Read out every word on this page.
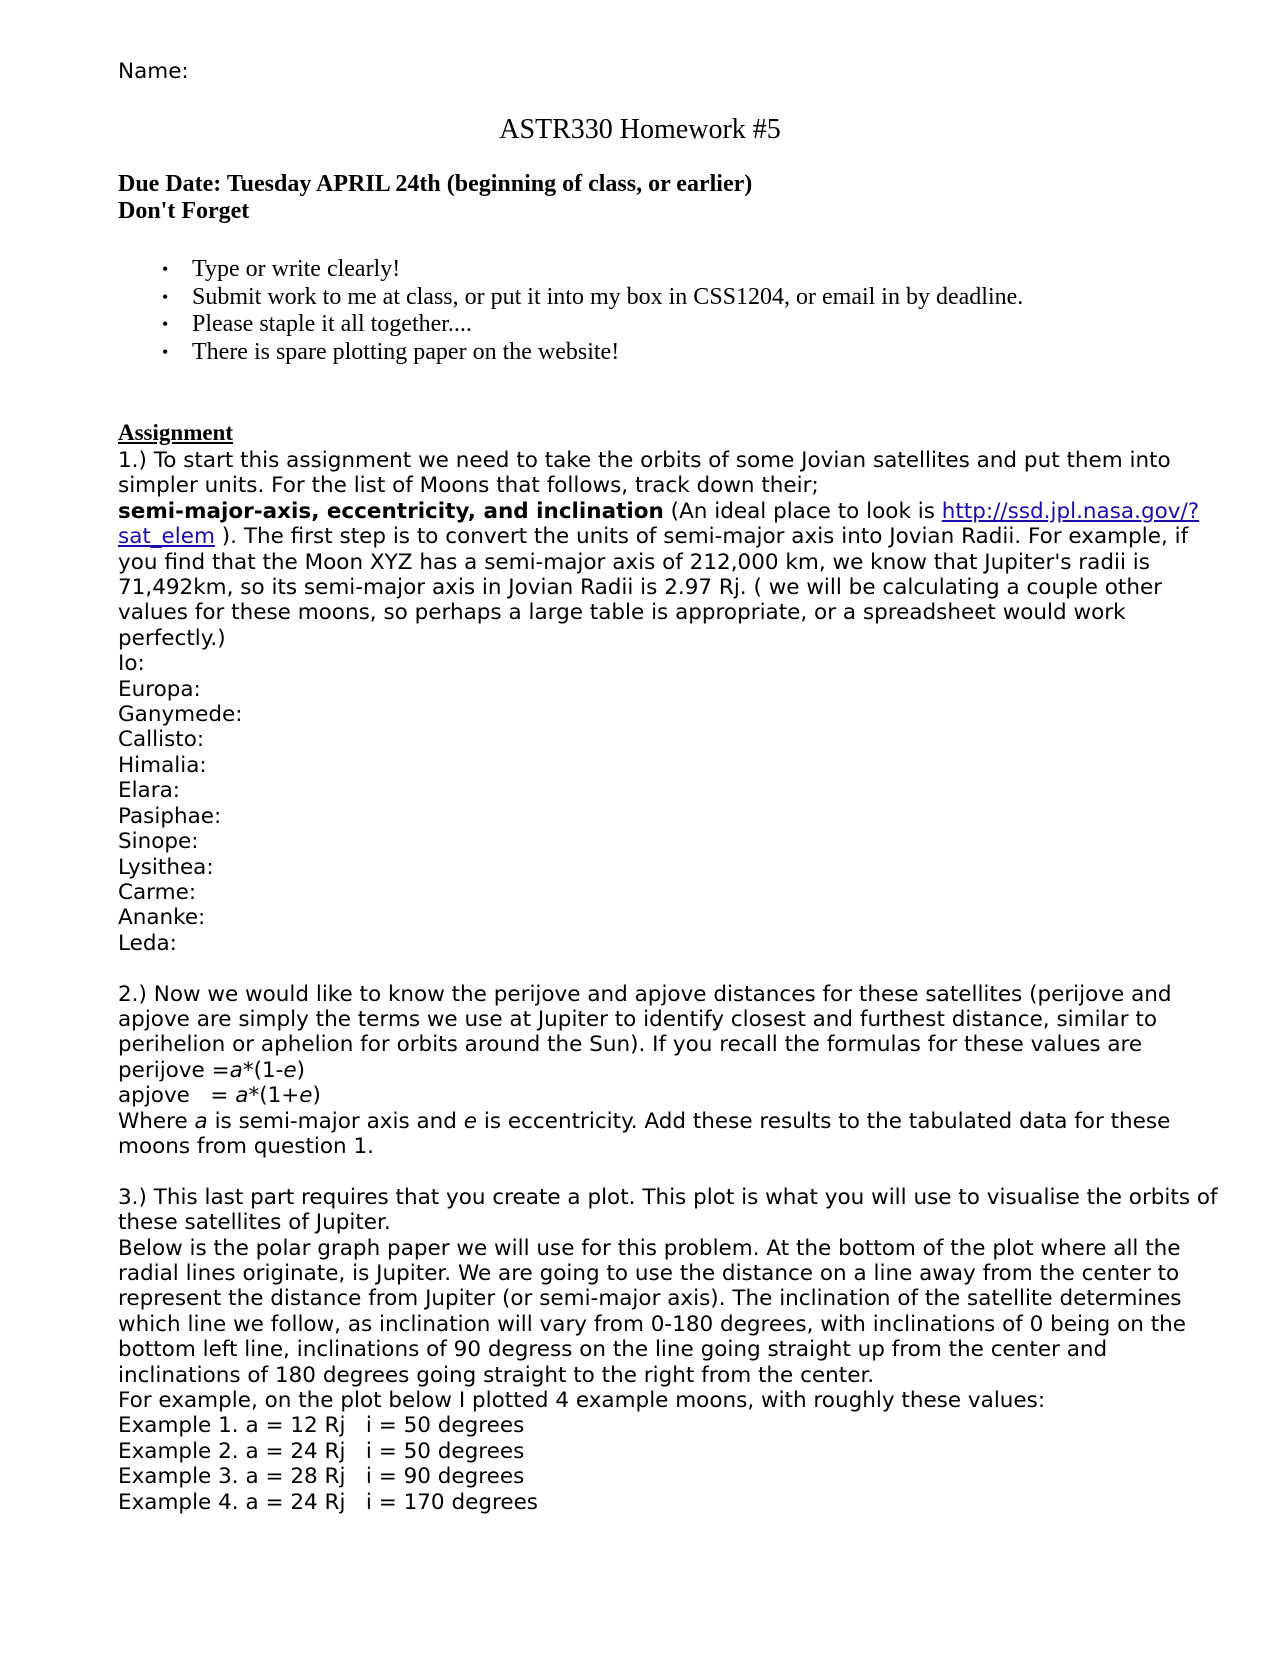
Name:
ASTR330 Homework #5
Due Date: Tuesday APRIL 24th (beginning of class, or earlier)
Don't Forget
• Type or write clearly!
• Submit work to me at class, or put it into my box in CSS1204, or email in by deadline.
• Please staple it all together....
• There is spare plotting paper on the website!
Assignment
1.) To start this assignment we need to take the orbits of some Jovian satellites and put them into simpler units. For the list of Moons that follows, track down their;
semi-major-axis, eccentricity, and inclination (An ideal place to look is http://ssd.jpl.nasa.gov/?sat_elem ). The first step is to convert the units of semi-major axis into Jovian Radii. For example, if you find that the Moon XYZ has a semi-major axis of 212,000 km, we know that Jupiter's radii is 71,492km, so its semi-major axis in Jovian Radii is 2.97 Rj. ( we will be calculating a couple other values for these moons, so perhaps a large table is appropriate, or a spreadsheet would work perfectly.)
Io:
Europa:
Ganymede:
Callisto:
Himalia:
Elara:
Pasiphae:
Sinope:
Lysithea:
Carme:
Ananke:
Leda:
2.) Now we would like to know the perijove and apjove distances for these satellites (perijove and apjove are simply the terms we use at Jupiter to identify closest and furthest distance, similar to perihelion or aphelion for orbits around the Sun). If you recall the formulas for these values are
perijove =a*(1-e)
apjove   = a*(1+e)
Where a is semi-major axis and e is eccentricity. Add these results to the tabulated data for these moons from question 1.
3.) This last part requires that you create a plot. This plot is what you will use to visualise the orbits of these satellites of Jupiter.
Below is the polar graph paper we will use for this problem. At the bottom of the plot where all the radial lines originate, is Jupiter. We are going to use the distance on a line away from the center to represent the distance from Jupiter (or semi-major axis). The inclination of the satellite determines which line we follow, as inclination will vary from 0-180 degrees, with inclinations of 0 being on the bottom left line, inclinations of 90 degress on the line going straight up from the center and inclinations of 180 degrees going straight to the right from the center.
For example, on the plot below I plotted 4 example moons, with roughly these values:
Example 1. a = 12 Rj   i = 50 degrees
Example 2. a = 24 Rj   i = 50 degrees
Example 3. a = 28 Rj   i = 90 degrees
Example 4. a = 24 Rj   i = 170 degrees
